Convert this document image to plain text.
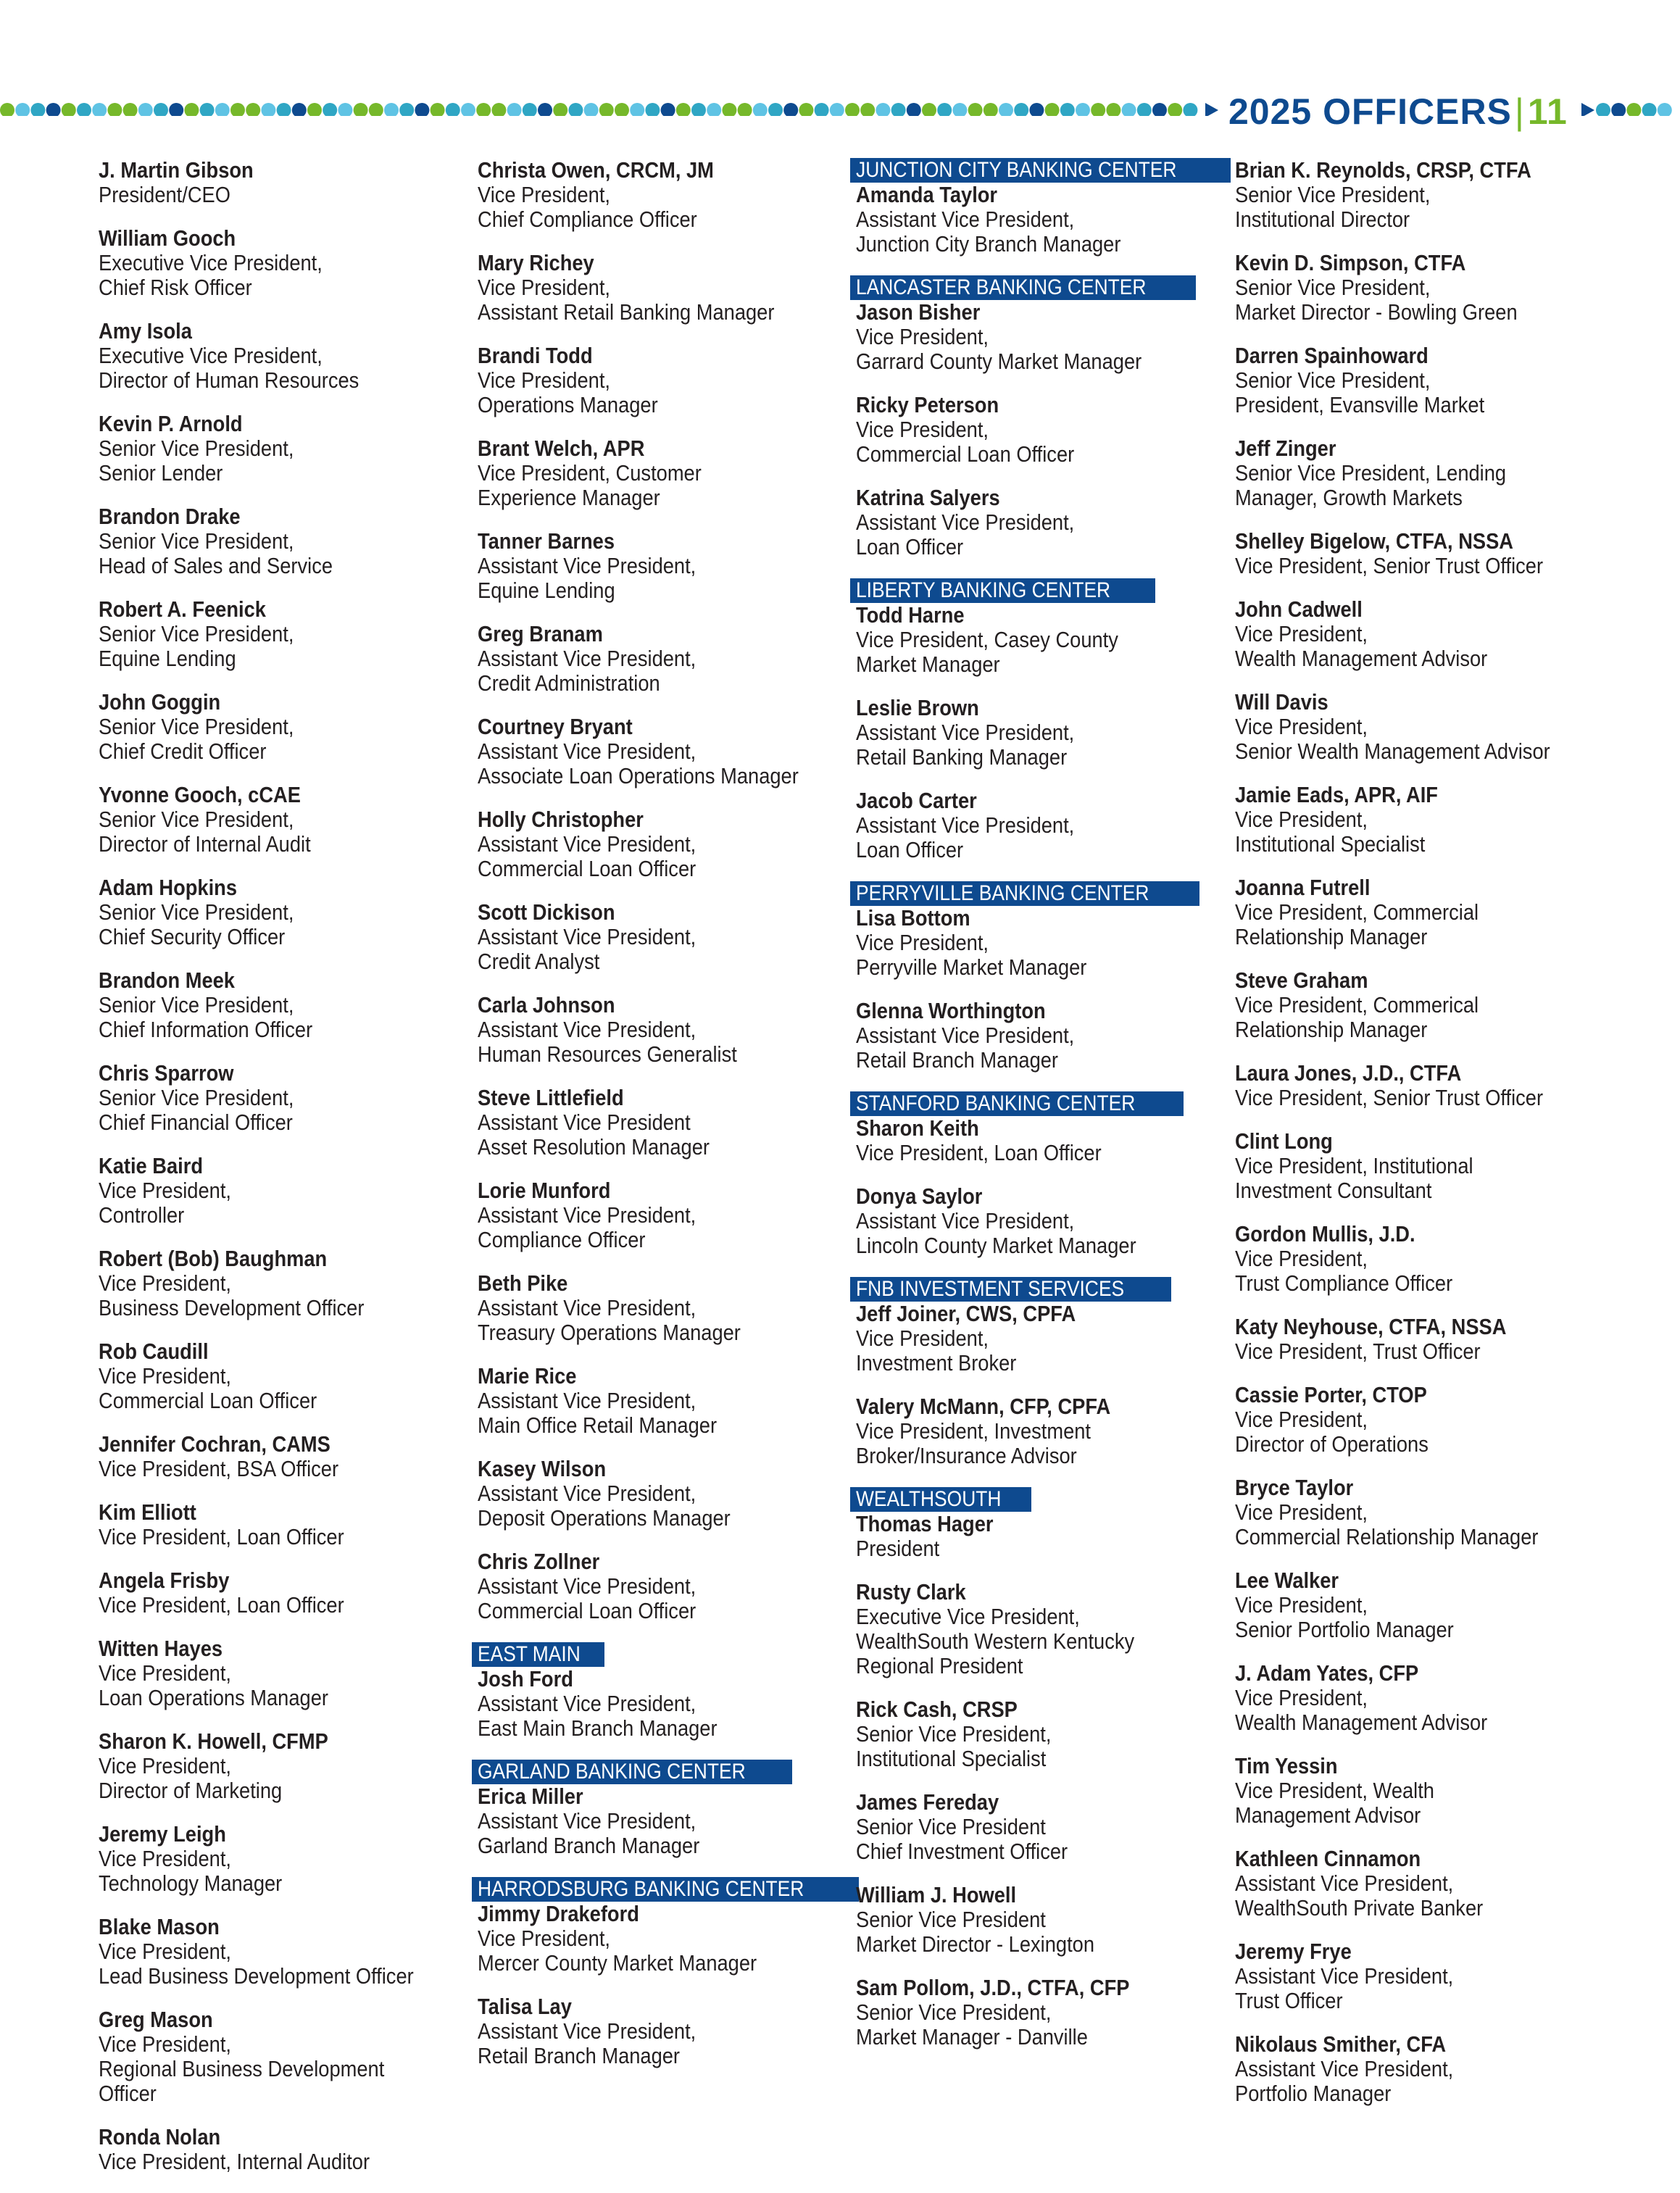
2025 OFFICERS|11
J. Martin Gibson
President/CEO
William Gooch
Executive Vice President,
Chief Risk Officer
Amy Isola
Executive Vice President,
Director of Human Resources
Kevin P. Arnold
Senior Vice President,
Senior Lender
Brandon Drake
Senior Vice President,
Head of Sales and Service
Robert A. Feenick
Senior Vice President,
Equine Lending
John Goggin
Senior Vice President,
Chief Credit Officer
Yvonne Gooch, cCAE
Senior Vice President,
Director of Internal Audit
Adam Hopkins
Senior Vice President,
Chief Security Officer
Brandon Meek
Senior Vice President,
Chief Information Officer
Chris Sparrow
Senior Vice President,
Chief Financial Officer
Katie Baird
Vice President,
Controller
Robert (Bob) Baughman
Vice President,
Business Development Officer
Rob Caudill
Vice President,
Commercial Loan Officer
Jennifer Cochran, CAMS
Vice President, BSA Officer
Kim Elliott
Vice President, Loan Officer
Angela Frisby
Vice President, Loan Officer
Witten Hayes
Vice President,
Loan Operations Manager
Sharon K. Howell, CFMP
Vice President,
Director of Marketing
Jeremy Leigh
Vice President,
Technology Manager
Blake Mason
Vice President,
Lead Business Development Officer
Greg Mason
Vice President,
Regional Business Development
Officer
Ronda Nolan
Vice President, Internal Auditor
Christa Owen, CRCM, JM
Vice President,
Chief Compliance Officer
Mary Richey
Vice President,
Assistant Retail Banking Manager
Brandi Todd
Vice President,
Operations Manager
Brant Welch, APR
Vice President, Customer
Experience Manager
Tanner Barnes
Assistant Vice President,
Equine Lending
Greg Branam
Assistant Vice President,
Credit Administration
Courtney Bryant
Assistant Vice President,
Associate Loan Operations Manager
Holly Christopher
Assistant Vice President,
Commercial Loan Officer
Scott Dickison
Assistant Vice President,
Credit Analyst
Carla Johnson
Assistant Vice President,
Human Resources Generalist
Steve Littlefield
Assistant Vice President
Asset Resolution Manager
Lorie Munford
Assistant Vice President,
Compliance Officer
Beth Pike
Assistant Vice President,
Treasury Operations Manager
Marie Rice
Assistant Vice President,
Main Office Retail Manager
Kasey Wilson
Assistant Vice President,
Deposit Operations Manager
Chris Zollner
Assistant Vice President,
Commercial Loan Officer
EAST MAIN
Josh Ford
Assistant Vice President,
East Main Branch Manager
GARLAND BANKING CENTER
Erica Miller
Assistant Vice President,
Garland Branch Manager
HARRODSBURG BANKING CENTER
Jimmy Drakeford
Vice President,
Mercer County Market Manager
Talisa Lay
Assistant Vice President,
Retail Branch Manager
JUNCTION CITY BANKING CENTER
Amanda Taylor
Assistant Vice President,
Junction City Branch Manager
LANCASTER BANKING CENTER
Jason Bisher
Vice President,
Garrard County Market Manager
Ricky Peterson
Vice President,
Commercial Loan Officer
Katrina Salyers
Assistant Vice President,
Loan Officer
LIBERTY BANKING CENTER
Todd Harne
Vice President, Casey County
Market Manager
Leslie Brown
Assistant Vice President,
Retail Banking Manager
Jacob Carter
Assistant Vice President,
Loan Officer
PERRYVILLE BANKING CENTER
Lisa Bottom
Vice President,
Perryville Market Manager
Glenna Worthington
Assistant Vice President,
Retail Branch Manager
STANFORD BANKING CENTER
Sharon Keith
Vice President, Loan Officer
Donya Saylor
Assistant Vice President,
Lincoln County Market Manager
FNB INVESTMENT SERVICES
Jeff Joiner, CWS, CPFA
Vice President,
Investment Broker
Valery McMann, CFP, CPFA
Vice President, Investment
Broker/Insurance Advisor
WEALTHSOUTH
Thomas Hager
President
Rusty Clark
Executive Vice President,
WealthSouth Western Kentucky
Regional President
Rick Cash, CRSP
Senior Vice President,
Institutional Specialist
James Fereday
Senior Vice President
Chief Investment Officer
William J. Howell
Senior Vice President
Market Director - Lexington
Sam Pollom, J.D., CTFA, CFP
Senior Vice President,
Market Manager - Danville
Brian K. Reynolds, CRSP, CTFA
Senior Vice President,
Institutional Director
Kevin D. Simpson, CTFA
Senior Vice President,
Market Director - Bowling Green
Darren Spainhoward
Senior Vice President,
President, Evansville Market
Jeff Zinger
Senior Vice President, Lending
Manager, Growth Markets
Shelley Bigelow, CTFA, NSSA
Vice President, Senior Trust Officer
John Cadwell
Vice President,
Wealth Management Advisor
Will Davis
Vice President,
Senior Wealth Management Advisor
Jamie Eads, APR, AIF
Vice President,
Institutional Specialist
Joanna Futrell
Vice President, Commercial
Relationship Manager
Steve Graham
Vice President, Commerical
Relationship Manager
Laura Jones, J.D., CTFA
Vice President, Senior Trust Officer
Clint Long
Vice President, Institutional
Investment Consultant
Gordon Mullis, J.D.
Vice President,
Trust Compliance Officer
Katy Neyhouse, CTFA, NSSA
Vice President, Trust Officer
Cassie Porter, CTOP
Vice President,
Director of Operations
Bryce Taylor
Vice President,
Commercial Relationship Manager
Lee Walker
Vice President,
Senior Portfolio Manager
J. Adam Yates, CFP
Vice President,
Wealth Management Advisor
Tim Yessin
Vice President, Wealth
Management Advisor
Kathleen Cinnamon
Assistant Vice President,
WealthSouth Private Banker
Jeremy Frye
Assistant Vice President,
Trust Officer
Nikolaus Smither, CFA
Assistant Vice President,
Portfolio Manager
